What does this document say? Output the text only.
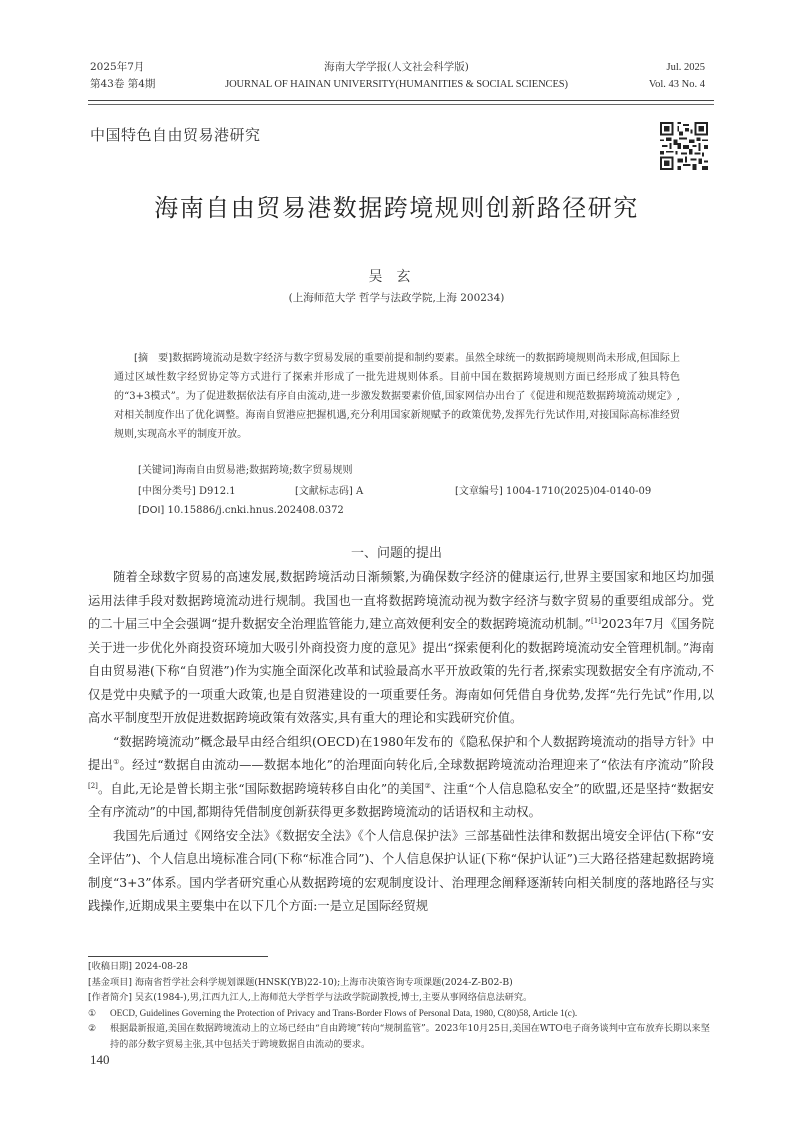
2025年7月
第43卷 第4期
海南大学学报(人文社会科学版)
JOURNAL OF HAINAN UNIVERSITY(HUMANITIES & SOCIAL SCIENCES)
Jul. 2025
Vol. 43 No. 4
中国特色自由贸易港研究
海南自由贸易港数据跨境规则创新路径研究
吴玄
(上海师范大学 哲学与法政学院,上海 200234)
[摘　要]数据跨境流动是数字经济与数字贸易发展的重要前提和制约要素。虽然全球统一的数据跨境规则尚未形成,但国际上通过区域性数字经贸协定等方式进行了探索并形成了一批先进规则体系。目前中国在数据跨境规则方面已经形成了独具特色的“3+3模式”。为了促进数据依法有序自由流动,进一步激发数据要素价值,国家网信办出台了《促进和规范数据跨境流动规定》,对相关制度作出了优化调整。海南自贸港应把握机遇,充分利用国家新规赋予的政策优势,发挥先行先试作用,对接国际高标准经贸规则,实现高水平的制度开放。
[关键词]海南自由贸易港;数据跨境;数字贸易规则
[中图分类号] D912.1	[文献标志码] A	[文章编号] 1004-1710(2025)04-0140-09
[DOI] 10.15886/j.cnki.hnus.202408.0372
一、问题的提出

随着全球数字贸易的高速发展,数据跨境活动日渐频繁,为确保数字经济的健康运行,世界主要国家和地区均加强运用法律手段对数据跨境流动进行规制。我国也一直将数据跨境流动视为数字经济与数字贸易的重要组成部分。党的二十届三中全会强调“提升数据安全治理监管能力,建立高效便利安全的数据跨境流动机制。”[1]2023年7月《国务院关于进一步优化外商投资环境加大吸引外商投资力度的意见》提出“探索便利化的数据跨境流动安全管理机制。”海南自由贸易港(下称“自贸港”)作为实施全面深化改革和试验最高水平开放政策的先行者,探索实现数据安全有序流动,不仅是党中央赋予的一项重大政策,也是自贸港建设的一项重要任务。海南如何凭借自身优势,发挥“先行先试”作用,以高水平制度型开放促进数据跨境政策有效落实,具有重大的理论和实践研究价值。

“数据跨境流动”概念最早由经合组织(OECD)在1980年发布的《隐私保护和个人数据跨境流动的指导方针》中提出①。经过“数据自由流动——数据本地化”的治理面向转化后,全球数据跨境流动治理迎来了“依法有序流动”阶段[2]。自此,无论是曾长期主张“国际数据跨境转移自由化”的美国②、注重“个人信息隐私安全”的欧盟,还是坚持“数据安全有序流动”的中国,都期待凭借制度创新获得更多数据跨境流动的话语权和主动权。

我国先后通过《网络安全法》《数据安全法》《个人信息保护法》三部基础性法律和数据出境安全评估(下称“安全评估”)、个人信息出境标准合同(下称“标准合同”)、个人信息保护认证(下称“保护认证”)三大路径搭建起数据跨境制度“3+3”体系。国内学者研究重心从数据跨境的宏观制度设计、治理理念阐释逐渐转向相关制度的落地路径与实践操作,近期成果主要集中在以下几个方面:一是立足国际经贸规

[收稿日期] 2024-08-28
[基金项目] 海南省哲学社会科学规划课题(HNSK(YB)22-10);上海市决策咨询专项课题(2024-Z-B02-B)
[作者简介] 吴玄(1984-),男,江西九江人,上海师范大学哲学与法政学院副教授,博士,主要从事网络信息法研究。
①	OECD, Guidelines Governing the Protection of Privacy and Trans-Border Flows of Personal Data, 1980, C(80)58, Article 1(c).
②	根据最新报道,美国在数据跨境流动上的立场已经由“自由跨境”转向“规制监管”。2023年10月25日,美国在WTO电子商务谈判中宣布放弃长期以来坚持的部分数字贸易主张,其中包括关于跨境数据自由流动的要求。
140
